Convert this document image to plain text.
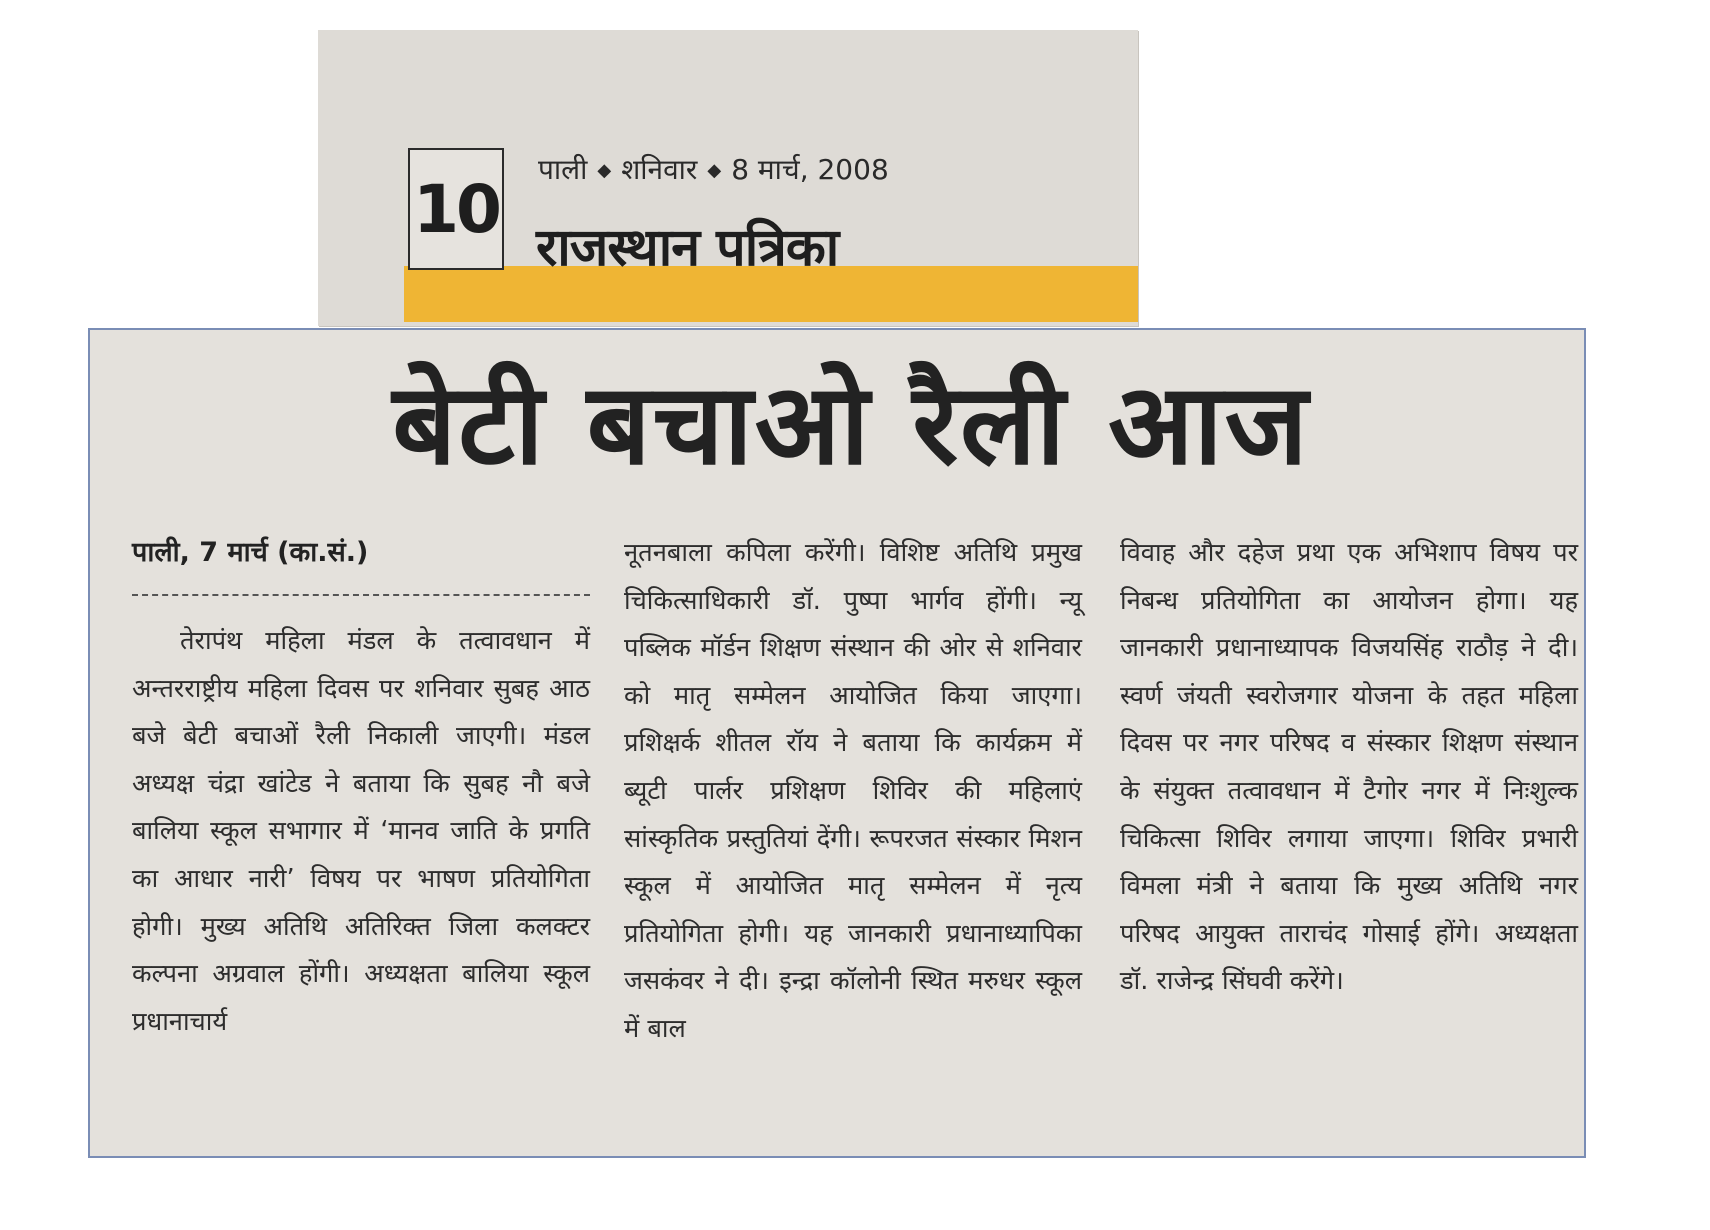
10
पाली ◆ शनिवार ◆ 8 मार्च, 2008
राजस्थान पत्रिका
बेटी बचाओ रैली आज

पाली, 7 मार्च (का.सं.)

तेरापंथ महिला मंडल के तत्वावधान में अन्तरराष्ट्रीय महिला दिवस पर शनिवार सुबह आठ बजे बेटी बचाओं रैली निकाली जाएगी। मंडल अध्यक्ष चंद्रा खांटेड ने बताया कि सुबह नौ बजे बालिया स्कूल सभागार में ‘मानव जाति के प्रगति का आधार नारी’ विषय पर भाषण प्रतियोगिता होगी। मुख्य अतिथि अतिरिक्त जिला कलक्टर कल्पना अग्रवाल होंगी। अध्यक्षता बालिया स्कूल प्रधानाचार्य

नूतनबाला कपिला करेंगी। विशिष्ट अतिथि प्रमुख चिकित्साधिकारी डॉ. पुष्पा भार्गव होंगी। न्यू पब्लिक मॉर्डन शिक्षण संस्थान की ओर से शनिवार को मातृ सम्मेलन आयोजित किया जाएगा। प्रशिक्षर्क शीतल रॉय ने बताया कि कार्यक्रम में ब्यूटी पार्लर प्रशिक्षण शिविर की महिलाएं सांस्कृतिक प्रस्तुतियां देंगी। रूपरजत संस्कार मिशन स्कूल में आयोजित मातृ सम्मेलन में नृत्य प्रतियोगिता होगी। यह जानकारी प्रधानाध्यापिका जसकंवर ने दी। इन्द्रा कॉलोनी स्थित मरुधर स्कूल में बाल

विवाह और दहेज प्रथा एक अभिशाप विषय पर निबन्ध प्रतियोगिता का आयोजन होगा। यह जानकारी प्रधानाध्यापक विजयसिंह राठौड़ ने दी। स्वर्ण जंयती स्वरोजगार योजना के तहत महिला दिवस पर नगर परिषद व संस्कार शिक्षण संस्थान के संयुक्त तत्वावधान में टैगोर नगर में निःशुल्क चिकित्सा शिविर लगाया जाएगा। शिविर प्रभारी विमला मंत्री ने बताया कि मुख्य अतिथि नगर परिषद आयुक्त ताराचंद गोसाई होंगे। अध्यक्षता डॉ. राजेन्द्र सिंघवी करेंगे।
